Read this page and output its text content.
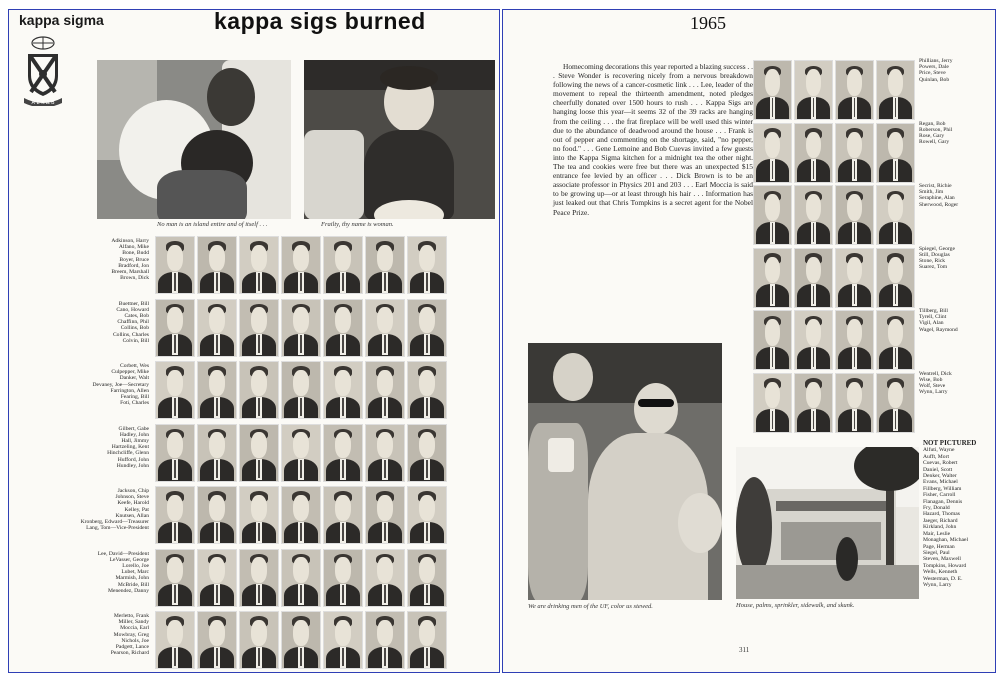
kappa sigma	kappa sigs burned
A E K Δ B
No man is an island entire and of itself . . .	Frailty, thy name is woman.
Adkinson, Harry
Alfano, Mike
Bone, Budd
Boyer, Bruce
Bradford, Jon
Breem, Marshall
Brown, Dick
Buettner, Bill
Cano, Howard
Cates, Bob
Chaffinn, Phil
Collins, Bob
Collins, Charles
Colvin, Bill
Corbett, Wes
Culpepper, Mike
Danker, Walt
Devaney, Joe—Secretary
Farrington, Allen
Fearing, Bill
Foti, Charles
Gilbert, Gabe
Hadley, John
Hall, Jimmy
Hartzeling, Kent
Hinchcliffe, Glenn
Hufford, John
Hundley, John
Jackson, Chip
Johnson, Steve
Keefe, Harold
Kelley, Pat
Knutsen, Allan
Kronberg, Edward—Treasurer
Lang, Tom—Vice-President
Lee, David—President
LeVasser, George
Lorello, Joe
Lubet, Marc
Marmish, John
McBride, Bill
Menendez, Danny
Merletto, Frank
Miller, Sandy
Moccia, Earl
Mowbray, Greg
Nichols, Joe
Padgett, Lance
Pearson, Richard
1965

Homecoming decorations this year reported a blazing success . . . Steve Wonder is recovering nicely from a nervous breakdown following the news of a cancer-cosmetic link . . . Lee, leader of the movement to repeal the thirteenth amendment, noted pledges cheerfully donated over 1500 hours to rush . . . Kappa Sigs are hanging loose this year—it seems 32 of the 39 racks are hanging from the ceiling . . . the frat fireplace will be well used this winter due to the abundance of deadwood around the house . . . Frank is out of pepper and commenting on the shortage, said, "no pepper, no food." . . . Gene Lemoine and Bob Cuevas invited a few guests into the Kappa Sigma kitchen for a midnight tea the other night. The tea and cookies were free but there was an unexpected $15 entrance fee levied by an officer . . . Dick Brown is to be an associate professor in Physics 201 and 203 . . . Earl Moccia is said to be growing up—or at least through his hair . . . Information has just leaked out that Chris Tompkins is a secret agent for the Nobel Peace Prize.

We are drinking men of the UF, color us stewed.	House, palms, sprinkler, sidewalk, and skunk.
NOT PICTURED
Alfuti, Wayne
Aufft, Mort
Cuevas, Robert
Daniel, Scott
Denker, Walter
Evans, Michael
Fillberg, William
Fisher, Carroll
Flanagan, Dennis
Fry, Donald
Hazard, Thomas
Jaeger, Richard
Kirkland, John
Mair, Leslie
Monaghan, Michael
Page, Herman
Siegel, Paul
Steven, Maxwell
Tompkins, Howard
Wells, Kenneth
Westerman, D. E.
Wynn, Larry
311
Phillians, Jerry
Powers, Dale
Price, Steve
Quinlan, Bob
Regan, Bob
Roberson, Phil
Rose, Gary
Rowell, Gary
Secrist, Richie
Smith, Jim
Seraphine, Alan
Sherwood, Roger
Spiegel, George
Still, Douglas
Stone, Rick
Suarez, Tom
Tillberg, Bill
Tyrell, Clint
Vigil, Alan
Wagel, Raymond
Wentrell, Dick
Wise, Bob
Wolf, Steve
Wynn, Larry
